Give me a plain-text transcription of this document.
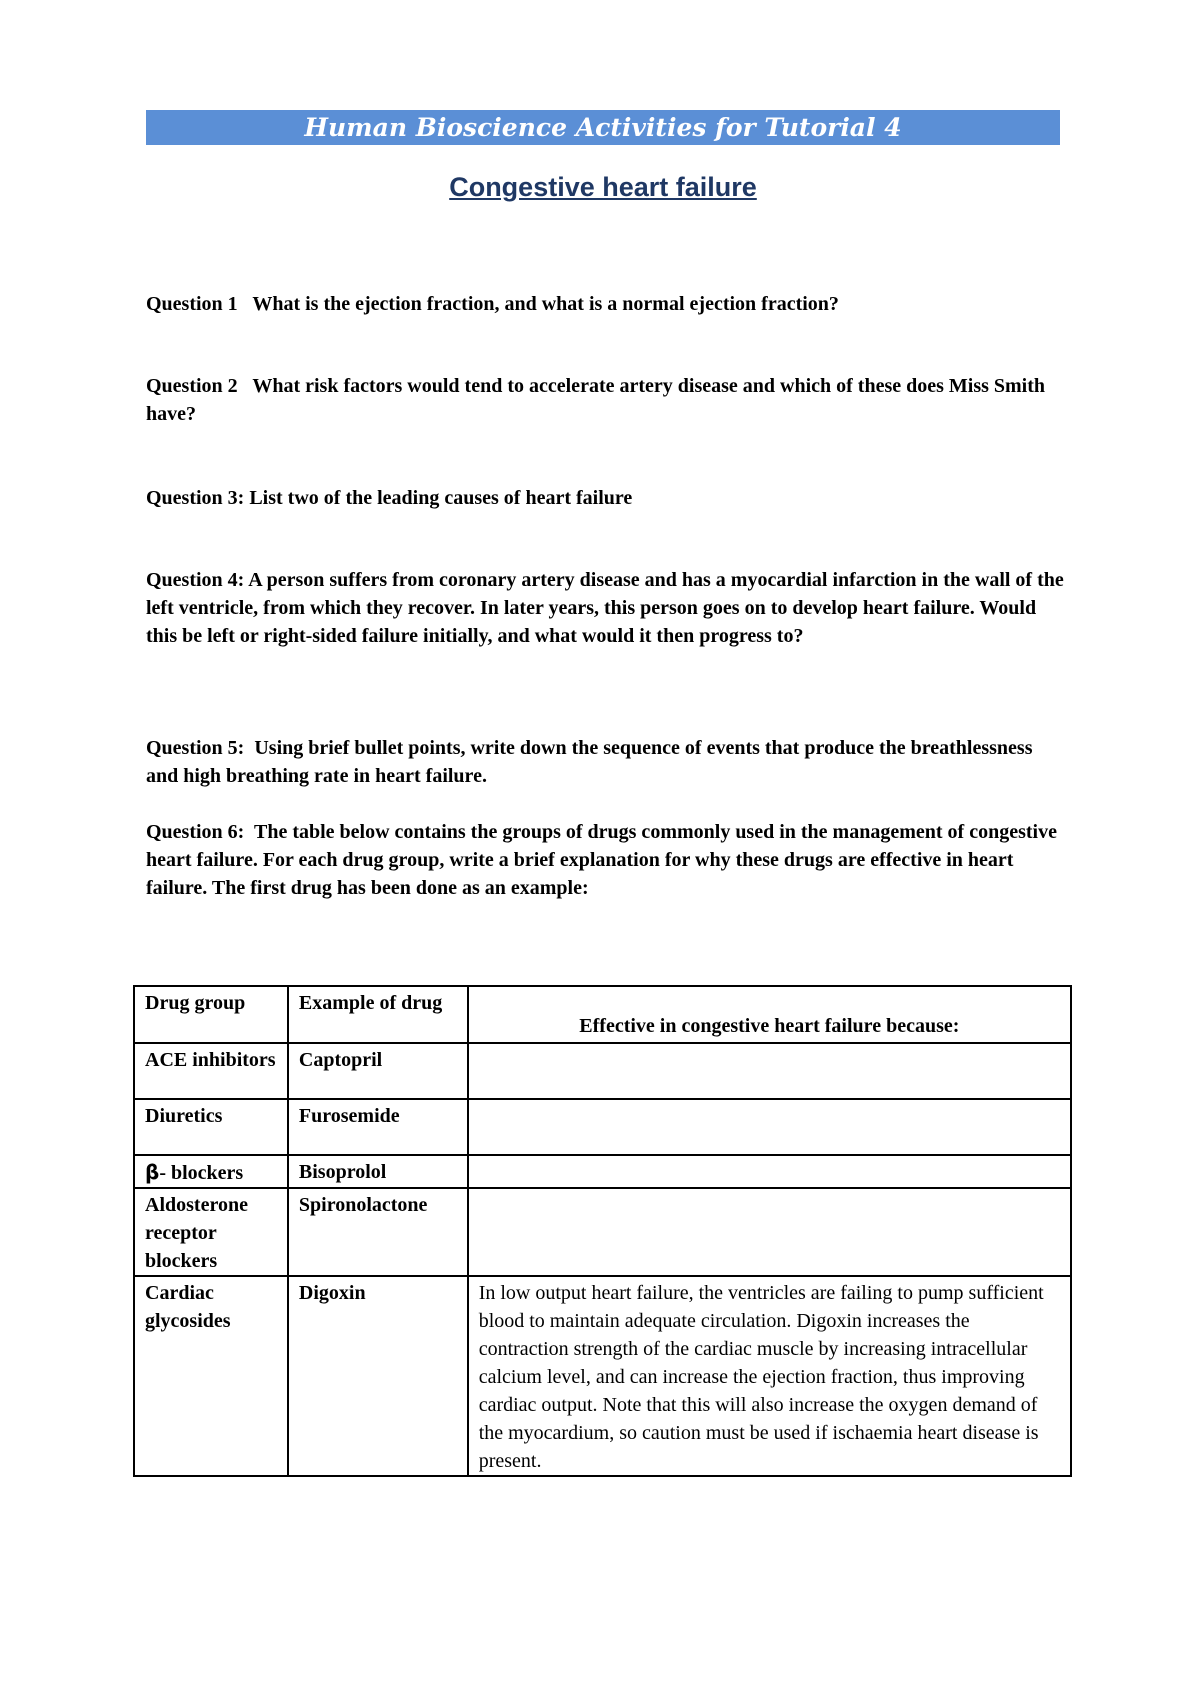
Human Bioscience Activities for Tutorial 4
Congestive heart failure

Question 1   What is the ejection fraction, and what is a normal ejection fraction?

Question 2   What risk factors would tend to accelerate artery disease and which of these does Miss Smith have?

Question 3: List two of the leading causes of heart failure

Question 4: A person suffers from coronary artery disease and has a myocardial infarction in the wall of the left ventricle, from which they recover. In later years, this person goes on to develop heart failure. Would this be left or right-sided failure initially, and what would it then progress to?

Question 5:  Using brief bullet points, write down the sequence of events that produce the breathlessness and high breathing rate in heart failure.

Question 6:  The table below contains the groups of drugs commonly used in the management of congestive heart failure. For each drug group, write a brief explanation for why these drugs are effective in heart failure. The first drug has been done as an example:

Drug group	Example of drug	Effective in congestive heart failure because:
ACE inhibitors	Captopril	
Diuretics	Furosemide	
β- blockers	Bisoprolol	
Aldosterone receptor blockers	Spironolactone	
Cardiac glycosides	Digoxin	In low output heart failure, the ventricles are failing to pump sufficient blood to maintain adequate circulation. Digoxin increases the contraction strength of the cardiac muscle by increasing intracellular calcium level, and can increase the ejection fraction, thus improving cardiac output. Note that this will also increase the oxygen demand of the myocardium, so caution must be used if ischaemia heart disease is present.
